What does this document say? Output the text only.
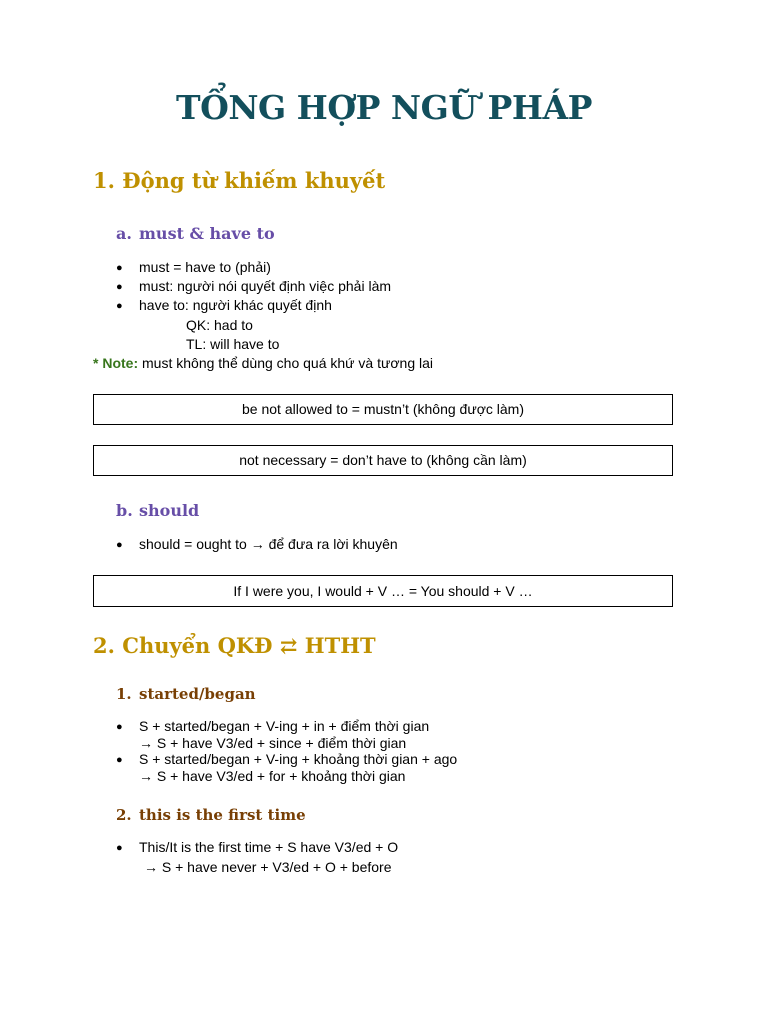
TỔNG HỢP NGỮ PHÁP
1. Động từ khiếm khuyết
a. must & have to
● must = have to (phải)
● must: người nói quyết định việc phải làm
● have to: người khác quyết định
QK: had to
TL: will have to
* Note: must không thể dùng cho quá khứ và tương lai
be not allowed to = mustn’t (không được làm)
not necessary = don’t have to (không cần làm)
b. should
● should = ought to → để đưa ra lời khuyên
If I were you, I would + V … = You should + V …
2. Chuyển QKĐ ⇄ HTHT
1. started/began
● S + started/began + V-ing + in + điểm thời gian
→ S + have V3/ed + since + điểm thời gian
● S + started/began + V-ing + khoảng thời gian + ago
→ S + have V3/ed + for + khoảng thời gian
2. this is the first time
● This/It is the first time + S have V3/ed + O
→ S + have never + V3/ed + O + before
